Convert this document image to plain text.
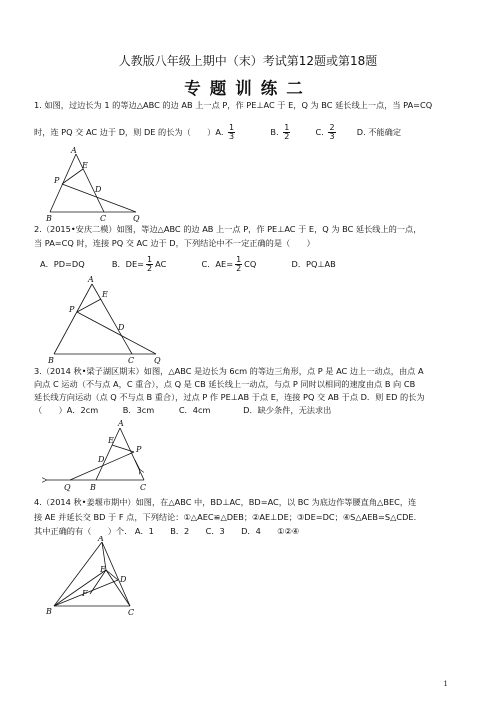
人教版八年级上期中（末）考试第12题或第18题
专题训练二
1. 如图，过边长为 1 的等边△ABC 的边 AB 上一点 P，作 PE⊥AC 于 E，Q 为 BC 延长线上一点，当 PA=CQ
时，连 PQ 交 AC 边于 D，则 DE 的长为（　　）A. $\frac{1}{3}$	B. $\frac{1}{2}$	C. $\frac{2}{3}$	D. 不能确定
A
E
P
D
B	C	Q
2.（2015•安庆二模）如图，等边△ABC 的边 AB 上一点 P，作 PE⊥AC 于 E，Q 为 BC 延长线上的一点，
当 PA=CQ 时，连接 PQ 交 AC 边于 D，下列结论中不一定正确的是（　　）
A．PD=DQ	B．$DE= \frac{1}{2}$ AC	C．$AE= \frac{1}{2}$ CQ	D．PQ⊥AB
A
E
P
D
B	C Q
3.（2014 秋•梁子湖区期末）如图，△ABC 是边长为 6cm 的等边三角形，点 P 是 AC 边上一动点，由点 A
向点 C 运动（不与点 A，C 重合），点 Q 是 CB 延长线上一动点，与点 P 同时以相同的速度由点 B 向 CB
延长线方向运动（点 Q 不与点 B 重合），过点 P 作 PE⊥AB 于点 E，连接 PQ 交 AB 于点 D．则 ED 的长为
（　　）A．2cm　　　B．3cm　　　C．4cm　　　　D．缺少条件，无法求出
A
E
P
D
Q B	C
4.（2014 秋•姜堰市期中）如图，在△ABC 中，BD⊥AC，BD=AC，以 BC 为底边作等腰直角△BEC，连
接 AE 并延长交 BD 于 F 点，下列结论：①△AEC≌△DEB；②AE⊥DE；③DE=DC；④S△AEB=S△CDE．
其中正确的有（　　）个.　A．1　　B．2　　C．3　　D．4　　①②④
A
E
D
F
B	C
1
